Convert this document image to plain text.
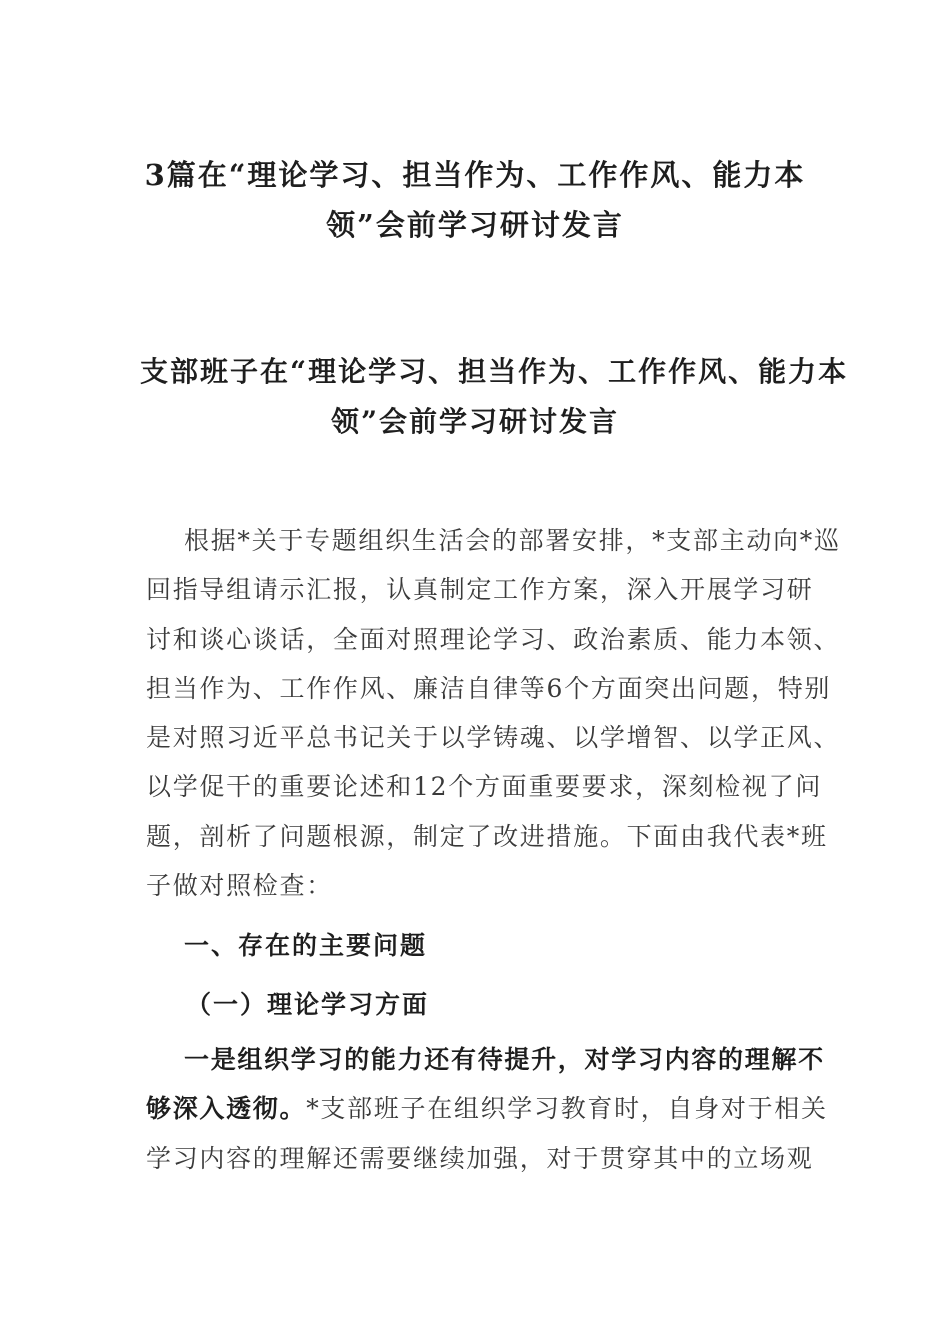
3篇在“理论学习、担当作为、工作作风、能力本
领”会前学习研讨发言
支部班子在“理论学习、担当作为、工作作风、能力本
领”会前学习研讨发言

根据*关于专题组织生活会的部署安排，*支部主动向*巡
回指导组请示汇报，认真制定工作方案，深入开展学习研
讨和谈心谈话，全面对照理论学习、政治素质、能力本领、
担当作为、工作作风、廉洁自律等6个方面突出问题，特别
是对照习近平总书记关于以学铸魂、以学增智、以学正风、
以学促干的重要论述和12个方面重要要求，深刻检视了问
题，剖析了问题根源，制定了改进措施。下面由我代表*班
子做对照检查：

一、存在的主要问题
（一）理论学习方面

一是组织学习的能力还有待提升，对学习内容的理解不
够深入透彻。*支部班子在组织学习教育时，自身对于相关
学习内容的理解还需要继续加强，对于贯穿其中的立场观
